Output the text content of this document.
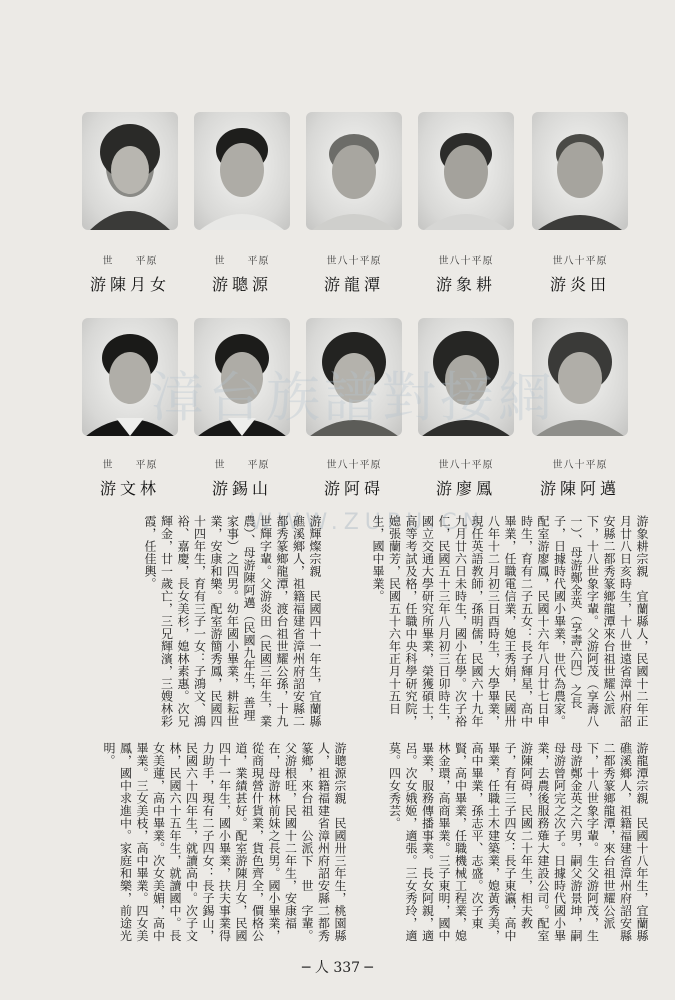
世　　平原	世　　平原	世八十平原	世八十平原	世八十平原
游陳月女	游聰源	游龍潭	游象耕	游炎田
世　　平原	世　　平原	世八十平原	世八十平原	世八十平原
游文林	游錫山	游阿碍	游廖鳳	游陳阿邁
漳台族譜對接網
WWW.ZUPU.CN	游象耕宗親　宜蘭縣人，民國十二年正月廿八日亥時生，十八世遠省漳州府詔安縣二都秀篆鄉龍潭來台祖世耀公派下，十八世象字輩。父游阿茂（享壽八一）、母游鄭金英（享壽六四）之長子，日據時代國小畢業，世代為農家。配室游廖鳳，民國十六年八月廿七日申時生，育有二子五女：長子輝星，高中畢業，任職電信業，媳王秀娟，民國卅八年十二月初三日酉時生，大學畢業，現任英語教師，孫明儒，民國六十九年九月廿六日未時生，國小在學。次子裕仁，民國五十三年八月初三日卯時生，國立交通大學研究所畢業，榮獲碩士，高等考試及格，任職中央科學研究院，媳張蘭芳，民國五十六年正月十五日生，國中畢業。
游龍潭宗親　民國十八年生，宜蘭縣礁溪鄉人，祖籍福建省漳州府詔安縣二都秀篆鄉龍潭，來台祖世耀公派下，十八世象字輩。生父游阿茂，生母游鄭金英之六男，嗣父游景坤，嗣母游曾阿完之次子。日據時代國小畢業，去農後服務薙大建設公司。配室游陳阿碍，民國二十年生，相夫教子，育有三子四女：長子東瀛，高中畢業，任職土木建築業，媳黃秀美，高中畢業，孫志平、志盛。次子東賢，高中畢業，任職機械工程業，媳林金環，高商畢業。三子東明，國中畢業，服務傳播事業。長女阿親，適呂。次女娥姬，適張。三女秀玲，適莫。四女秀芸。
游輝燦宗親　民國四十一年生，宜蘭縣礁溪鄉人，祖籍福建省漳州府詔安縣二都秀篆鄉龍潭，渡台祖世耀公孫，十九世輝字輩。父游炎田（民國三年生，業農）、母游陳阿邁（民國九年生，善理家事）之四男。幼年國小畢業，耕耘世業，安康和樂。配室游簡秀鳳，民國四十四年生，育有三子一女：子鴻文、鴻裕、嘉慶，長女美杉，媳林素惠。次兄輝金，廿一歲亡，三兄輝濱，三嫂林彩霞，任佳輿。
游聰源宗親　民國卅三年生，桃園縣人，祖籍福建省漳州府詔安縣二都秀篆鄉，來台祖　公派下　世　字輩。父游根旺，民國十二年生，安康福在，母游林前妹之長男。國小畢業，從商現營什貨業，貨色齊全，價格公道，業績甚好。配室游陳月女，民國四十一年生，國小畢業，扶夫事業得力助手，現有二子四女：長子錫山，民國六十四年生，就讀高中。次子文林，民國六十五年生，就讀國中。長女美蓮，高中畢業。次女美媚，高中畢業。三女美枝，高中畢業。四女美鳳，國中求進中。家庭和樂，前途光明。
─ 人 337 ─
